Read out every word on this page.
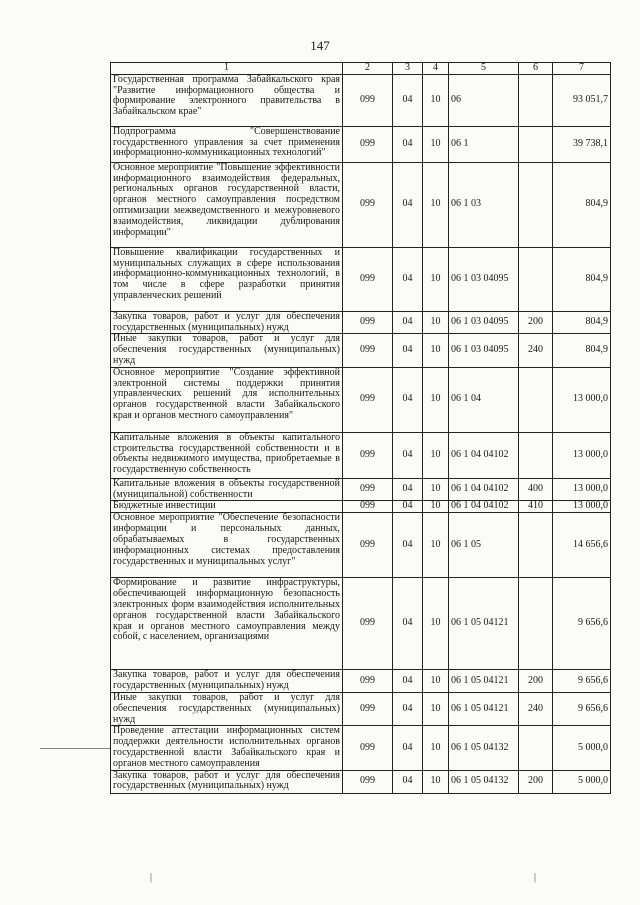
147
1	2	3	4	5	6	7
Государственная программа Забайкальского края "Развитие информационного общества и формирование электронного правительства в Забайкальском крае"	099	04	10	06		93 051,7
Подпрограмма "Совершенствование государственного управления за счет применения информационно-коммуникационных технологий"	099	04	10	06 1		39 738,1
Основное мероприятие "Повышение эффективности информационного взаимодействия федеральных, региональных органов государственной власти, органов местного самоуправления посредством оптимизации межведомственного и межуровневого взаимодействия, ликвидации дублирования информации"	099	04	10	06 1 03		804,9
Повышение квалификации государственных и муниципальных служащих в сфере использования информационно-коммуникационных технологий, в том числе в сфере разработки принятия управленческих решений	099	04	10	06 1 03 04095		804,9
Закупка товаров, работ и услуг для обеспечения государственных (муниципальных) нужд	099	04	10	06 1 03 04095	200	804,9
Иные закупки товаров, работ и услуг для обеспечения государственных (муниципальных) нужд	099	04	10	06 1 03 04095	240	804,9
Основное мероприятие "Создание эффективной электронной системы поддержки принятия управленческих решений для исполнительных органов государственной власти Забайкальского края и органов местного самоуправления"	099	04	10	06 1 04		13 000,0
Капитальные вложения в объекты капитального строительства государственной собственности и в объекты недвижимого имущества, приобретаемые в государственную собственность	099	04	10	06 1 04 04102		13 000,0
Капитальные вложения в объекты государственной (муниципальной) собственности	099	04	10	06 1 04 04102	400	13 000,0
Бюджетные инвестиции	099	04	10	06 1 04 04102	410	13 000,0
Основное мероприятие "Обеспечение безопасности информации и персональных данных, обрабатываемых в государственных информационных системах предоставления государственных и муниципальных услуг"	099	04	10	06 1 05		14 656,6
Формирование и развитие инфраструктуры, обеспечивающей информационную безопасность электронных форм взаимодействия исполнительных органов государственной власти Забайкальского края и органов местного самоуправления между собой, с населением, организациями	099	04	10	06 1 05 04121		9 656,6
Закупка товаров, работ и услуг для обеспечения государственных (муниципальных) нужд	099	04	10	06 1 05 04121	200	9 656,6
Иные закупки товаров, работ и услуг для обеспечения государственных (муниципальных) нужд	099	04	10	06 1 05 04121	240	9 656,6
Проведение аттестации информационных систем поддержки деятельности исполнительных органов государственной власти Забайкальского края и органов местного самоуправления	099	04	10	06 1 05 04132		5 000,0
Закупка товаров, работ и услуг для обеспечения государственных (муниципальных) нужд	099	04	10	06 1 05 04132	200	5 000,0
|	|
